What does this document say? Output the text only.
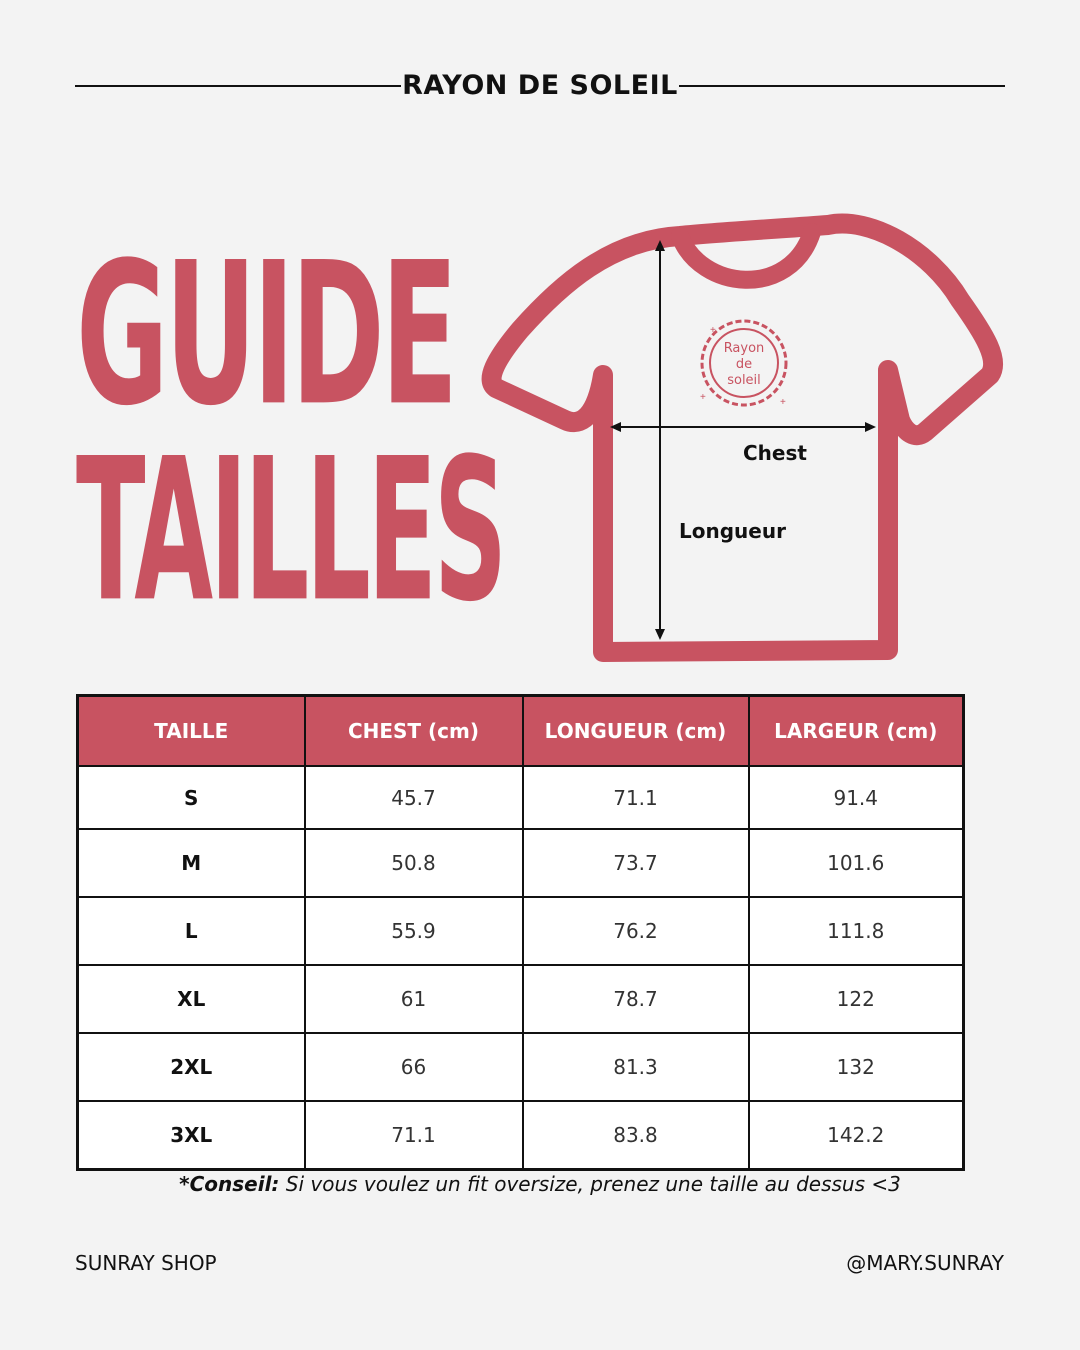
RAYON DE SOLEIL
GUIDE
TAILLES
Rayon
de
soleil
+
+
+
Chest
Longueur
TAILLE	CHEST (cm)	LONGUEUR (cm)	LARGEUR (cm)
S	45.7	71.1	91.4
M	50.8	73.7	101.6
L	55.9	76.2	111.8
XL	61	78.7	122
2XL	66	81.3	132
3XL	71.1	83.8	142.2
*Conseil: Si vous voulez un fit oversize, prenez une taille au dessus <3
SUNRAY SHOP	@MARY.SUNRAY
